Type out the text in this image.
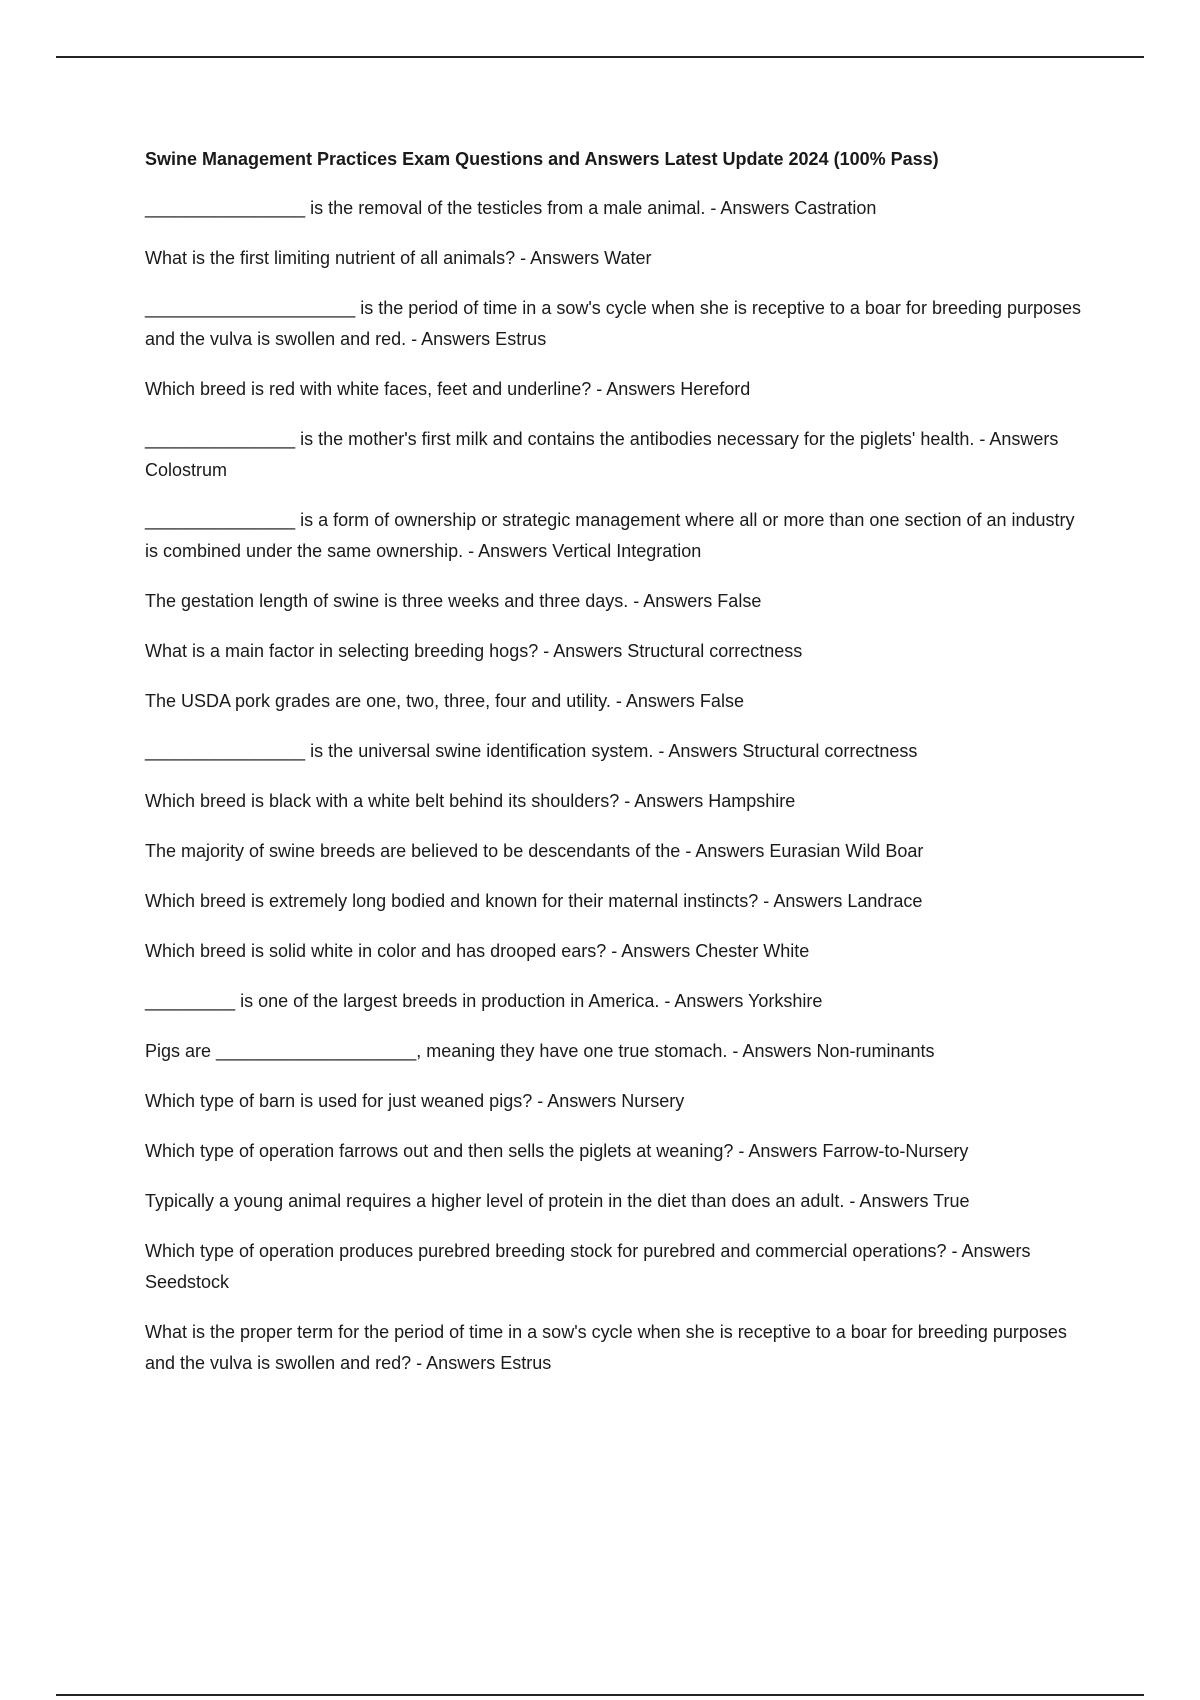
Swine Management Practices Exam Questions and Answers Latest Update 2024 (100% Pass)
________________ is the removal of the testicles from a male animal. - Answers Castration
What is the first limiting nutrient of all animals? - Answers Water
_____________________ is the period of time in a sow's cycle when she is receptive to a boar for breeding purposes and the vulva is swollen and red. - Answers Estrus
Which breed is red with white faces, feet and underline? - Answers Hereford
_______________ is the mother's first milk and contains the antibodies necessary for the piglets' health. - Answers Colostrum
_______________ is a form of ownership or strategic management where all or more than one section of an industry is combined under the same ownership. - Answers Vertical Integration
The gestation length of swine is three weeks and three days. - Answers False
What is a main factor in selecting breeding hogs? - Answers Structural correctness
The USDA pork grades are one, two, three, four and utility. - Answers False
________________ is the universal swine identification system. - Answers Structural correctness
Which breed is black with a white belt behind its shoulders? - Answers Hampshire
The majority of swine breeds are believed to be descendants of the - Answers Eurasian Wild Boar
Which breed is extremely long bodied and known for their maternal instincts? - Answers Landrace
Which breed is solid white in color and has drooped ears? - Answers Chester White
_________ is one of the largest breeds in production in America. - Answers Yorkshire
Pigs are ____________________, meaning they have one true stomach. - Answers Non-ruminants
Which type of barn is used for just weaned pigs? - Answers Nursery
Which type of operation farrows out and then sells the piglets at weaning? - Answers Farrow-to-Nursery
Typically a young animal requires a higher level of protein in the diet than does an adult. - Answers True
Which type of operation produces purebred breeding stock for purebred and commercial operations? - Answers Seedstock
What is the proper term for the period of time in a sow's cycle when she is receptive to a boar for breeding purposes and the vulva is swollen and red? - Answers Estrus
